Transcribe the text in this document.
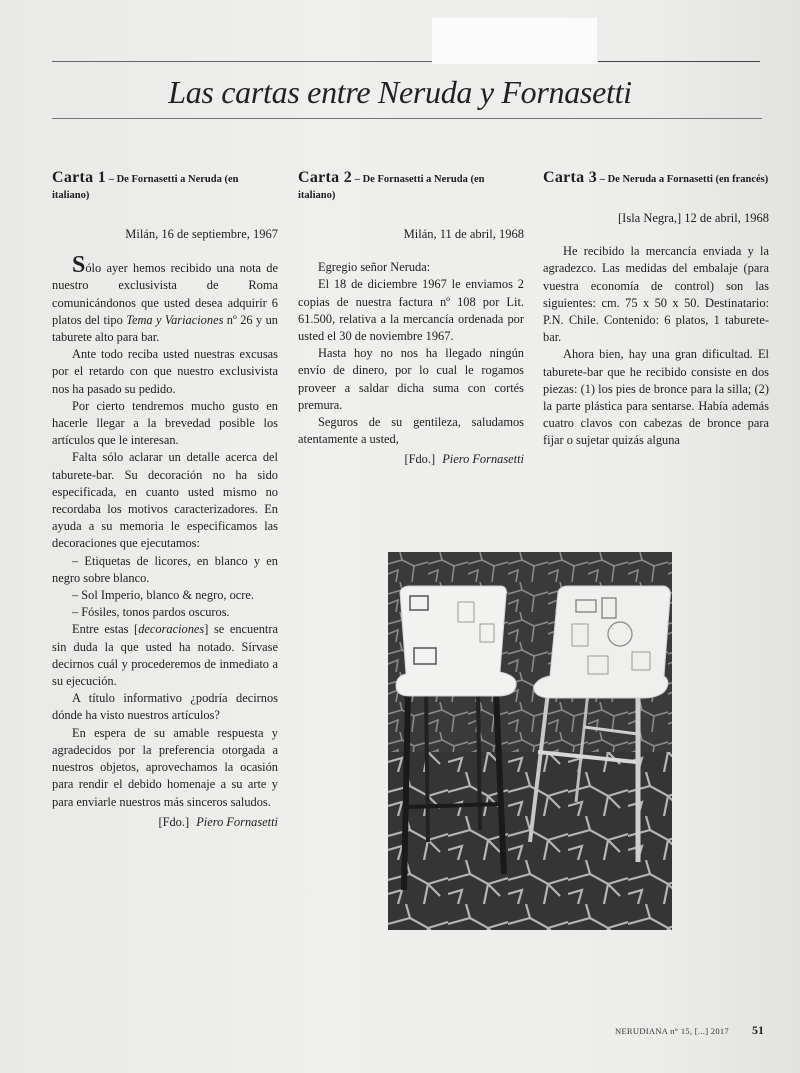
Las cartas entre Neruda y Fornasetti
Carta 1 – De Fornasetti a Neruda (en italiano)
Milán, 16 de septiembre, 1967

Sólo ayer hemos recibido una nota de nuestro exclusivista de Roma comunicándonos que usted desea adquirir 6 platos del tipo Tema y Variaciones nº 26 y un taburete alto para bar.

Ante todo reciba usted nuestras excusas por el retardo con que nuestro exclusivista nos ha pasado su pedido.

Por cierto tendremos mucho gusto en hacerle llegar a la brevedad posible los artículos que le interesan.

Falta sólo aclarar un detalle acerca del taburete-bar. Su decoración no ha sido especificada, en cuanto usted mismo no recordaba los motivos caracterizadores. En ayuda a su memoria le especificamos las decoraciones que ejecutamos:

– Etiquetas de licores, en blanco y en negro sobre blanco.

– Sol Imperio, blanco & negro, ocre.

– Fósiles, tonos pardos oscuros.

Entre estas [decoraciones] se encuentra sin duda la que usted ha notado. Sírvase decirnos cuál y procederemos de inmediato a su ejecución.

A título informativo ¿podría decirnos dónde ha visto nuestros artículos?

En espera de su amable respuesta y agradecidos por la preferencia otorgada a nuestros objetos, aprovechamos la ocasión para rendir el debido homenaje a su arte y para enviarle nuestros más sinceros saludos.

[Fdo.] Piero Fornasetti
Carta 2 – De Fornasetti a Neruda (en italiano)
Milán, 11 de abril, 1968

Egregio señor Neruda:

El 18 de diciembre 1967 le enviamos 2 copias de nuestra factura nº 108 por Lit. 61.500, relativa a la mercancía ordenada por usted el 30 de noviembre 1967.

Hasta hoy no nos ha llegado ningún envío de dinero, por lo cual le rogamos proveer a saldar dicha suma con cortés premura.

Seguros de su gentileza, saludamos atentamente a usted,

[Fdo.] Piero Fornasetti
Carta 3 – De Neruda a Fornasetti (en francés)
[Isla Negra,] 12 de abril, 1968

He recibido la mercancía enviada y la agradezco. Las medidas del embalaje (para vuestra economía de control) son las siguientes: cm. 75 x 50 x 50. Destinatario: P.N. Chile. Contenido: 6 platos, 1 taburete-bar.

Ahora bien, hay una gran dificultad. El taburete-bar que he recibido consiste en dos piezas: (1) los pies de bronce para la silla; (2) la parte plástica para sentarse. Había además cuatro clavos con cabezas de bronce para fijar o sujetar quizás alguna

NERUDIANA n° 15, [...] 2017 51
